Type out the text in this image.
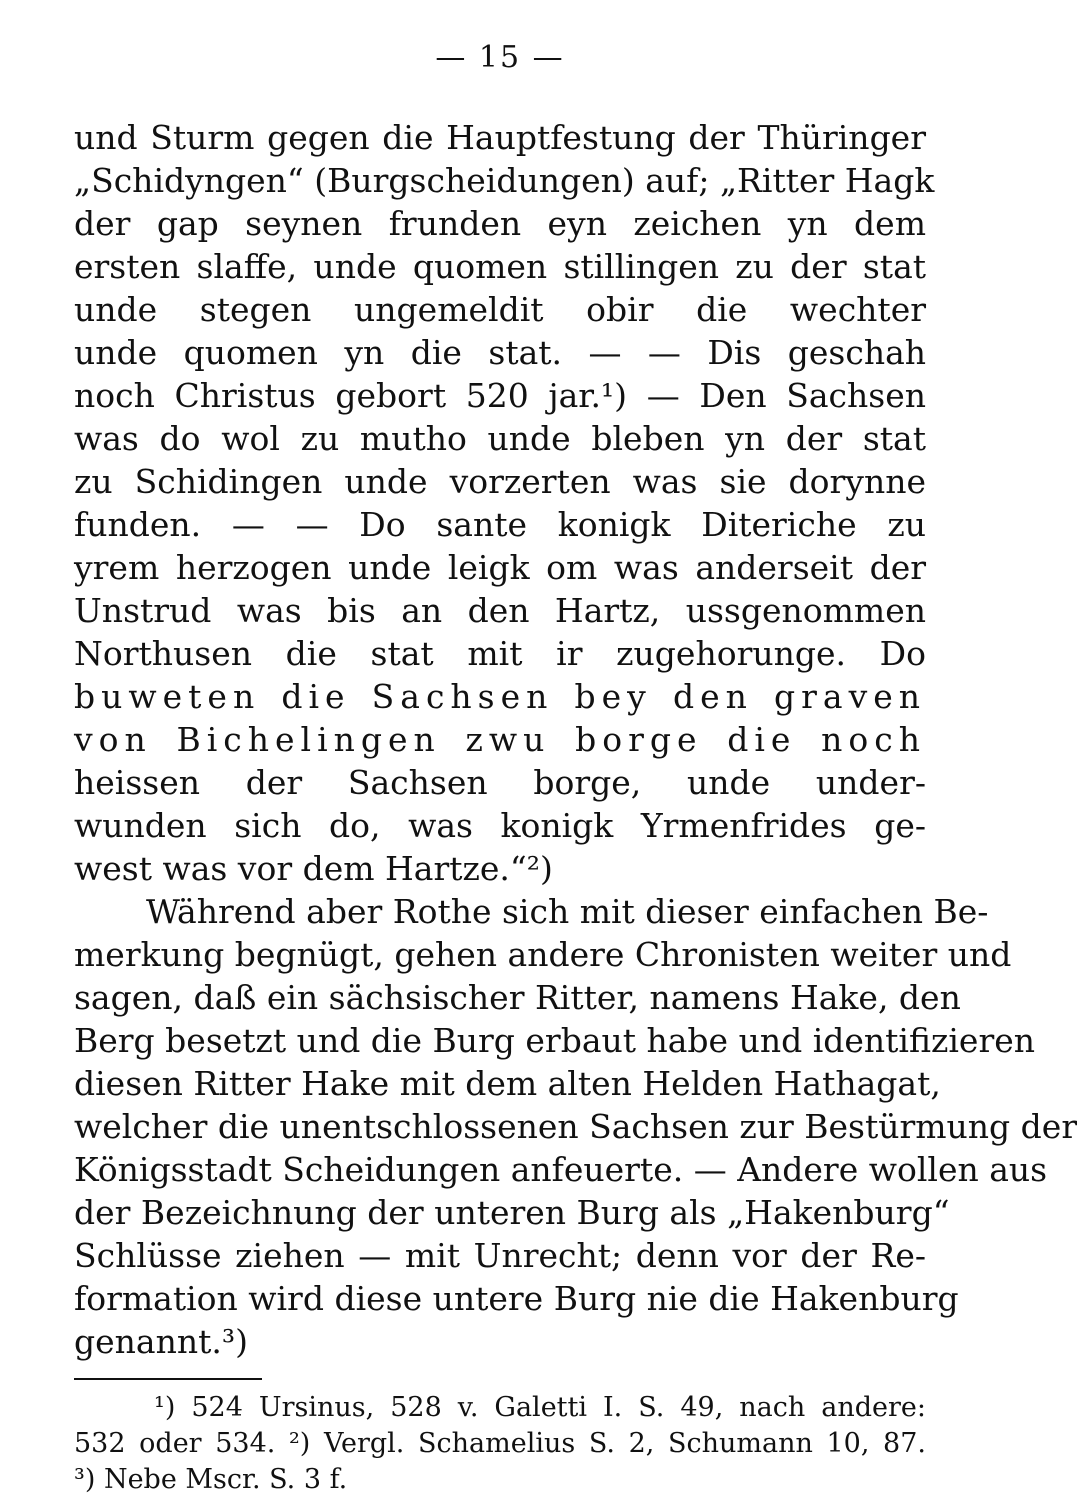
— 15 —
und Sturm gegen die Hauptfestung der Thüringer
„Schidyngen“ (Burgscheidungen) auf; „Ritter Hagk
der gap seynen frunden eyn zeichen yn dem
ersten slaffe, unde quomen stillingen zu der stat
unde stegen ungemeldit obir die wechter
unde quomen yn die stat. — — Dis geschah
noch Christus gebort 520 jar.¹) — Den Sachsen
was do wol zu mutho unde bleben yn der stat
zu Schidingen unde vorzerten was sie dorynne
funden. — — Do sante konigk Diteriche zu
yrem herzogen unde leigk om was anderseit der
Unstrud was bis an den Hartz, ussgenommen
Northusen die stat mit ir zugehorunge. Do
buweten die Sachsen bey den graven
von Bichelingen zwu borge die noch
heissen der Sachsen borge, unde under-
wunden sich do, was konigk Yrmenfrides ge-
west was vor dem Hartze.“²)
Während aber Rothe sich mit dieser einfachen Be-
merkung begnügt, gehen andere Chronisten weiter und
sagen, daß ein sächsischer Ritter, namens Hake, den
Berg besetzt und die Burg erbaut habe und identifizieren
diesen Ritter Hake mit dem alten Helden Hathagat,
welcher die unentschlossenen Sachsen zur Bestürmung der
Königsstadt Scheidungen anfeuerte. — Andere wollen aus
der Bezeichnung der unteren Burg als „Hakenburg“
Schlüsse ziehen — mit Unrecht; denn vor der Re-
formation wird diese untere Burg nie die Hakenburg
genannt.³)
¹) 524 Ursinus, 528 v. Galetti I. S. 49, nach andere:
532 oder 534. ²) Vergl. Schamelius S. 2, Schumann 10, 87.
³) Nebe Mscr. S. 3 f.
